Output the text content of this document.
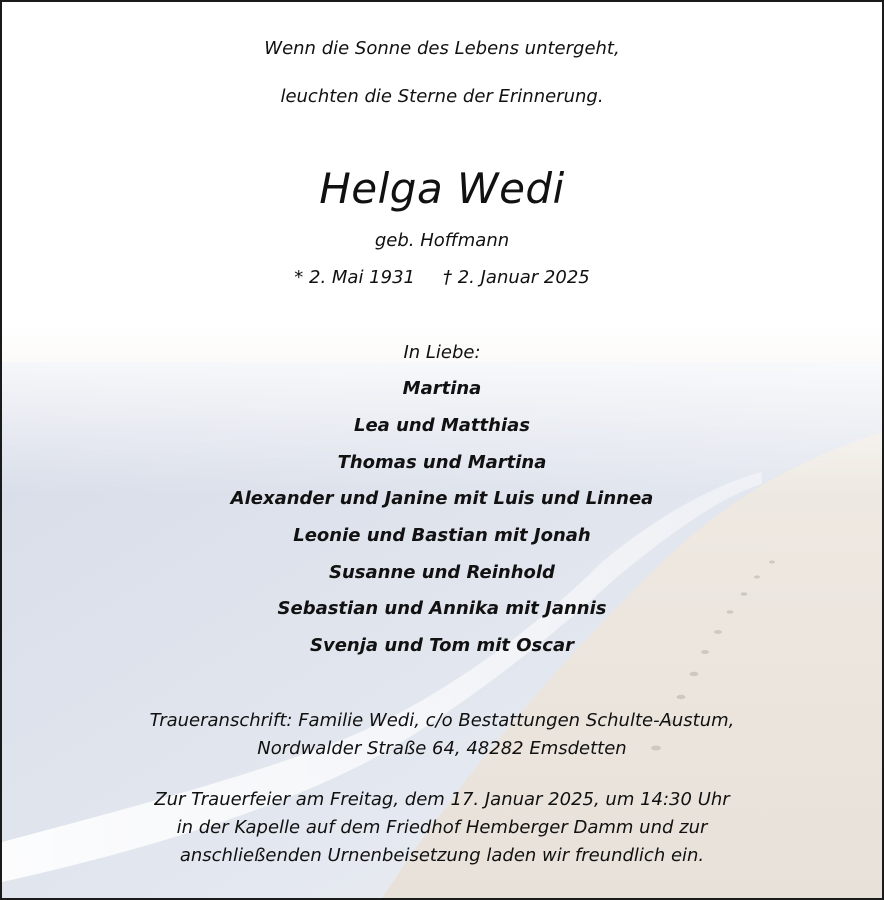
Wenn die Sonne des Lebens untergeht,
leuchten die Sterne der Erinnerung.
Helga Wedi
geb. Hoffmann
* 2. Mai 1931 † 2. Januar 2025
In Liebe:
Martina
Lea und Matthias
Thomas und Martina
Alexander und Janine mit Luis und Linnea
Leonie und Bastian mit Jonah
Susanne und Reinhold
Sebastian und Annika mit Jannis
Svenja und Tom mit Oscar
Traueranschrift: Familie Wedi, c/o Bestattungen Schulte-Austum,
Nordwalder Straße 64, 48282 Emsdetten
Zur Trauerfeier am Freitag, dem 17. Januar 2025, um 14:30 Uhr
in der Kapelle auf dem Friedhof Hemberger Damm und zur
anschließenden Urnenbeisetzung laden wir freundlich ein.
